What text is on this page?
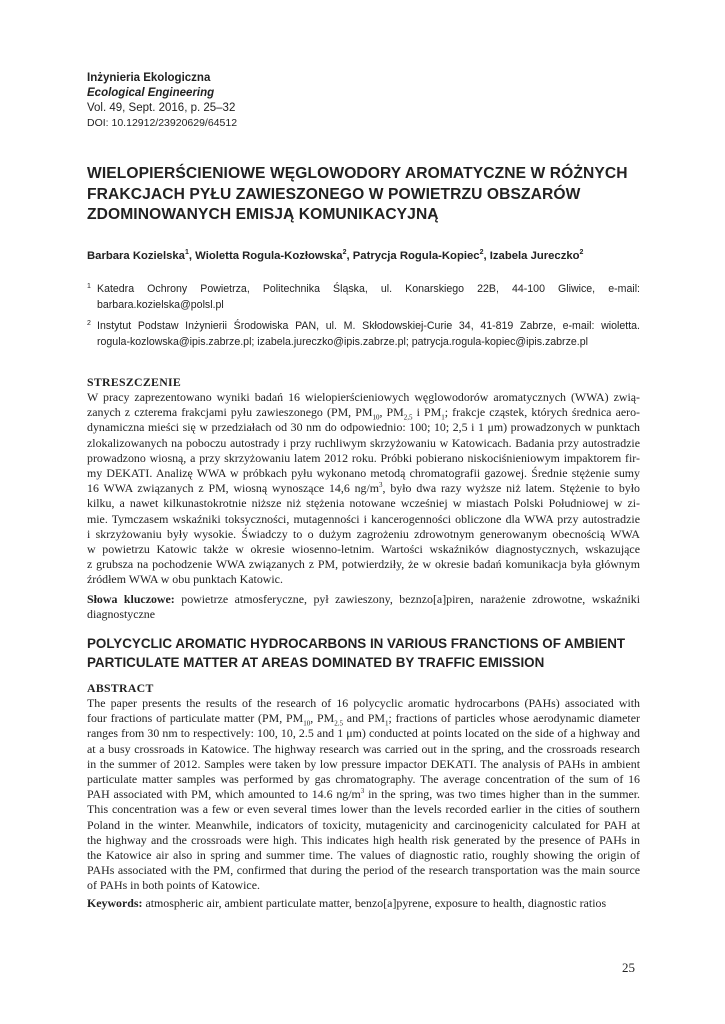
Inżynieria Ekologiczna
Ecological Engineering
Vol. 49, Sept. 2016, p. 25–32
DOI: 10.12912/23920629/64512
WIELOPIERŚCIENIOWE WĘGLOWODORY AROMATYCZNE W RÓŻNYCH
FRAKCJACH PYŁU ZAWIESZONEGO W POWIETRZU OBSZARÓW
ZDOMINOWANYCH EMISJĄ KOMUNIKACYJNĄ
Barbara Kozielska$^1$, Wioletta Rogula-Kozłowska$^2$, Patrycja Rogula-Kopiec$^2$, Izabela Jureczko$^2$
1 Katedra Ochrony Powietrza, Politechnika Śląska, ul. Konarskiego 22B, 44-100 Gliwice, e-mail:
barbara.kozielska@polsl.pl
2 Instytut Podstaw Inżynierii Środowiska PAN, ul. M. Skłodowskiej-Curie 34, 41-819 Zabrze, e-mail: wioletta.
rogula-kozlowska@ipis.zabrze.pl; izabela.jureczko@ipis.zabrze.pl; patrycja.rogula-kopiec@ipis.zabrze.pl
STRESZCZENIE
W pracy zaprezentowano wyniki badań 16 wielopierścieniowych węglowodorów aromatycznych (WWA) zwią-
zanych z czterema frakcjami pyłu zawieszonego (PM, $PM_{10}$, $PM_{2,5}$ i $PM_1$; frakcje cząstek, których średnica aero-
dynamiczna mieści się w przedziałach od 30 nm do odpowiednio: 100; 10; 2,5 i 1 μm) prowadzonych w punktach
zlokalizowanych na poboczu autostrady i przy ruchliwym skrzyżowaniu w Katowicach. Badania przy autostradzie
prowadzono wiosną, a przy skrzyżowaniu latem 2012 roku. Próbki pobierano niskociśnieniowym impaktorem fir-
my DEKATI. Analizę WWA w próbkach pyłu wykonano metodą chromatografii gazowej. Średnie stężenie sumy
16 WWA związanych z PM, wiosną wynoszące 14,6 $ng/m^3$, było dwa razy wyższe niż latem. Stężenie to było
kilku, a nawet kilkunastokrotnie niższe niż stężenia notowane wcześniej w miastach Polski Południowej w zi-
mie. Tymczasem wskaźniki toksyczności, mutagenności i kancerogenności obliczone dla WWA przy autostradzie
i skrzyżowaniu były wysokie. Świadczy to o dużym zagrożeniu zdrowotnym generowanym obecnością WWA
w powietrzu Katowic także w okresie wiosenno-letnim. Wartości wskaźników diagnostycznych, wskazujące
z grubsza na pochodzenie WWA związanych z PM, potwierdziły, że w okresie badań komunikacja była głównym
źródłem WWA w obu punktach Katowic.
Słowa kluczowe: powietrze atmosferyczne, pył zawieszony, beznzo[a]piren, narażenie zdrowotne, wskaźniki
diagnostyczne
POLYCYCLIC AROMATIC HYDROCARBONS IN VARIOUS FRANCTIONS OF AMBIENT
PARTICULATE MATTER AT AREAS DOMINATED BY TRAFFIC EMISSION
ABSTRACT
The paper presents the results of the research of 16 polycyclic aromatic hydrocarbons (PAHs) associated with
four fractions of particulate matter (PM, $PM_{10}$, $PM_{2.5}$ and $PM_1$; fractions of particles whose aerodynamic diameter
ranges from 30 nm to respectively: 100, 10, 2.5 and 1 μm) conducted at points located on the side of a highway and
at a busy crossroads in Katowice. The highway research was carried out in the spring, and the crossroads research
in the summer of 2012. Samples were taken by low pressure impactor DEKATI. The analysis of PAHs in ambient
particulate matter samples was performed by gas chromatography. The average concentration of the sum of 16
PAH associated with PM, which amounted to 14.6 $ng/m^3$ in the spring, was two times higher than in the summer.
This concentration was a few or even several times lower than the levels recorded earlier in the cities of southern
Poland in the winter. Meanwhile, indicators of toxicity, mutagenicity and carcinogenicity calculated for PAH at
the highway and the crossroads were high. This indicates high health risk generated by the presence of PAHs in
the Katowice air also in spring and summer time. The values of diagnostic ratio, roughly showing the origin of
PAHs associated with the PM, confirmed that during the period of the research transportation was the main source
of PAHs in both points of Katowice.
Keywords: atmospheric air, ambient particulate matter, benzo[a]pyrene, exposure to health, diagnostic ratios
25
